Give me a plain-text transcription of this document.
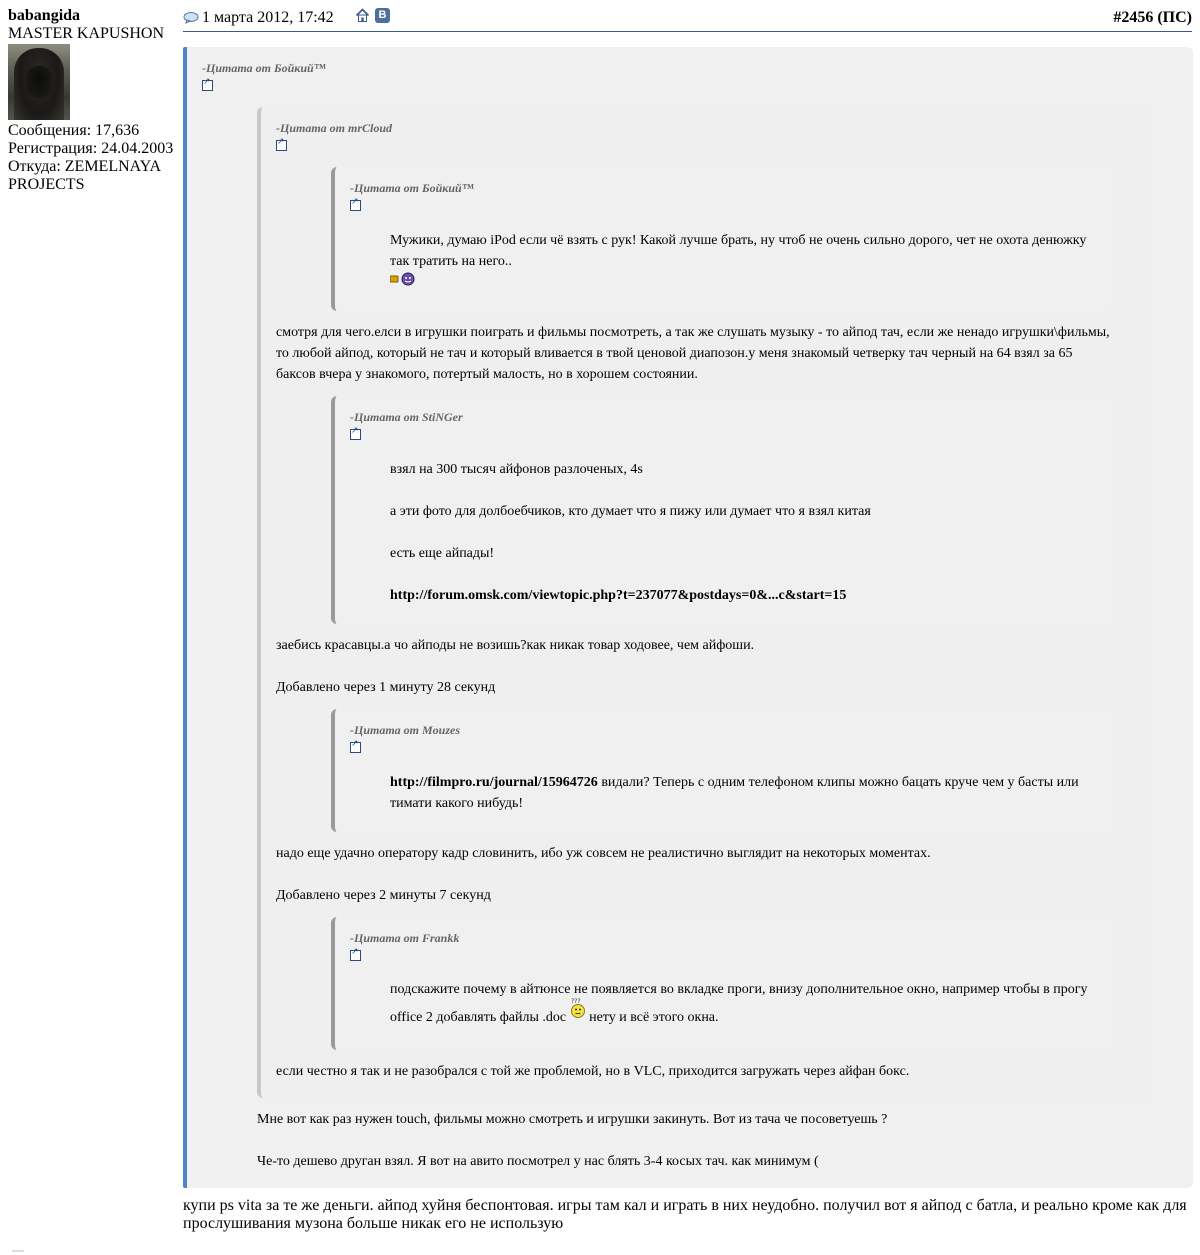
babangida
MASTER KAPUSHON
Сообщения: 17,636
Регистрация: 24.04.2003
Откуда: ZEMELNAYA PROJECTS
1 марта 2012, 17:42	В	#2456 (ПС)
-Цитата от Бойкий™
↗
-Цитата от mrCloud
↗
-Цитата от Бойкий™
↗
Мужики, думаю iPod если чё взять с рук! Какой лучше брать, ну чтоб не очень сильно дорого, чет не охота денюжку так тратить на него..

смотря для чего.елси в игрушки поиграть и фильмы посмотреть, а так же слушать музыку - то айпод тач, если же ненадо игрушки\фильмы, то любой айпод, который не тач и который вливается в твой ценовой диапозон.у меня знакомый четверку тач черный на 64 взял за 65 баксов вчера у знакомого, потертый малость, но в хорошем состоянии.
-Цитата от StiNGer
↗
взял на 300 тысяч айфонов разлоченых, 4s
а эти фото для долбоебчиков, кто думает что я пижу или думает что я взял китая
есть еще айпады!
http://forum.omsk.com/viewtopic.php?t=237077&postdays=0&...c&start=15
заебись красавцы.а чо айподы не возишь?как никак товар ходовее, чем айфоши.
Добавлено через 1 минуту 28 секунд
-Цитата от Mouzes
↗
http://filmpro.ru/journal/15964726 видали? Теперь с одним телефоном клипы можно бацать круче чем у басты или тимати какого нибудь!
надо еще удачно оператору кадр словинить, ибо уж совсем не реалистично выглядит на некоторых моментах.
Добавлено через 2 минуты 7 секунд
-Цитата от Frankk
↗
подскажите почему в айтюнсе не появляется во вкладке проги, внизу дополнительное окно, например чтобы в прогу office 2 добавлять файлы .doc
???
нету и всё этого окна.
если честно я так и не разобрался с той же проблемой, но в VLC, приходится загружать через айфан бокс.
Мне вот как раз нужен touch, фильмы можно смотреть и игрушки закинуть. Вот из тача че посоветуешь ?
Че-то дешево друган взял. Я вот на авито посмотрел у нас блять 3-4 косых тач. как минимум (
купи ps vita за те же деньги. айпод хуйня беспонтовая. игры там кал и играть в них неудобно. получил вот я айпод с батла, и реально кроме как для прослушивания музона больше никак его не использую
